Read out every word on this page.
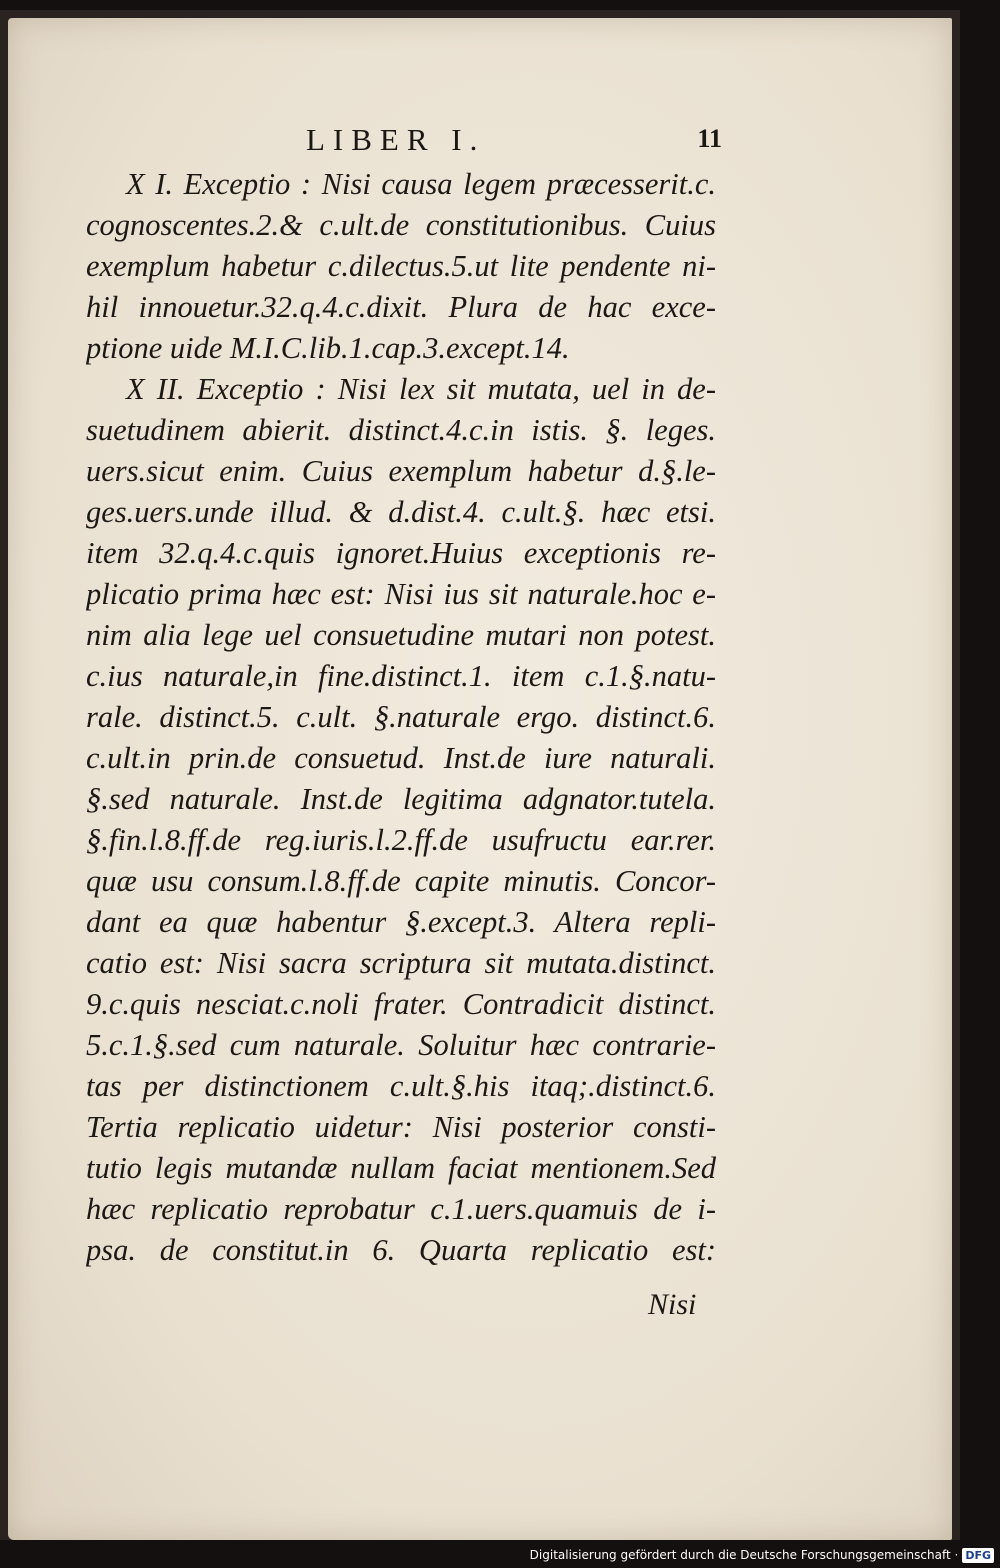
LIBER I.	11
X I. Exceptio : Nisi causa legem præcesserit.c.
cognoscentes.2.& c.ult.de constitutionibus. Cuius
exemplum habetur c.dilectus.5.ut lite pendente ni-
hil innouetur.32.q.4.c.dixit. Plura de hac exce-
ptione uide M.I.C.lib.1.cap.3.except.14.
X II. Exceptio : Nisi lex sit mutata, uel in de-
suetudinem abierit. distinct.4.c.in istis. §. leges.
uers.sicut enim. Cuius exemplum habetur d.§.le-
ges.uers.unde illud. & d.dist.4. c.ult.§. hæc etsi.
item 32.q.4.c.quis ignoret.Huius exceptionis re-
plicatio prima hæc est: Nisi ius sit naturale.hoc e-
nim alia lege uel consuetudine mutari non potest.
c.ius naturale,in fine.distinct.1. item c.1.§.natu-
rale. distinct.5. c.ult. §.naturale ergo. distinct.6.
c.ult.in prin.de consuetud. Inst.de iure naturali.
§.sed naturale. Inst.de legitima adgnator.tutela.
§.fin.l.8.ff.de reg.iuris.l.2.ff.de usufructu ear.rer.
quæ usu consum.l.8.ff.de capite minutis. Concor-
dant ea quæ habentur §.except.3. Altera repli-
catio est: Nisi sacra scriptura sit mutata.distinct.
9.c.quis nesciat.c.noli frater. Contradicit distinct.
5.c.1.§.sed cum naturale. Soluitur hæc contrarie-
tas per distinctionem c.ult.§.his itaq;.distinct.6.
Tertia replicatio uidetur: Nisi posterior consti-
tutio legis mutandæ nullam faciat mentionem.Sed
hæc replicatio reprobatur c.1.uers.quamuis de i-
psa. de constitut.in 6. Quarta replicatio est:
Nisi
Digitalisierung gefördert durch die Deutsche Forschungsgemeinschaft · DFG
